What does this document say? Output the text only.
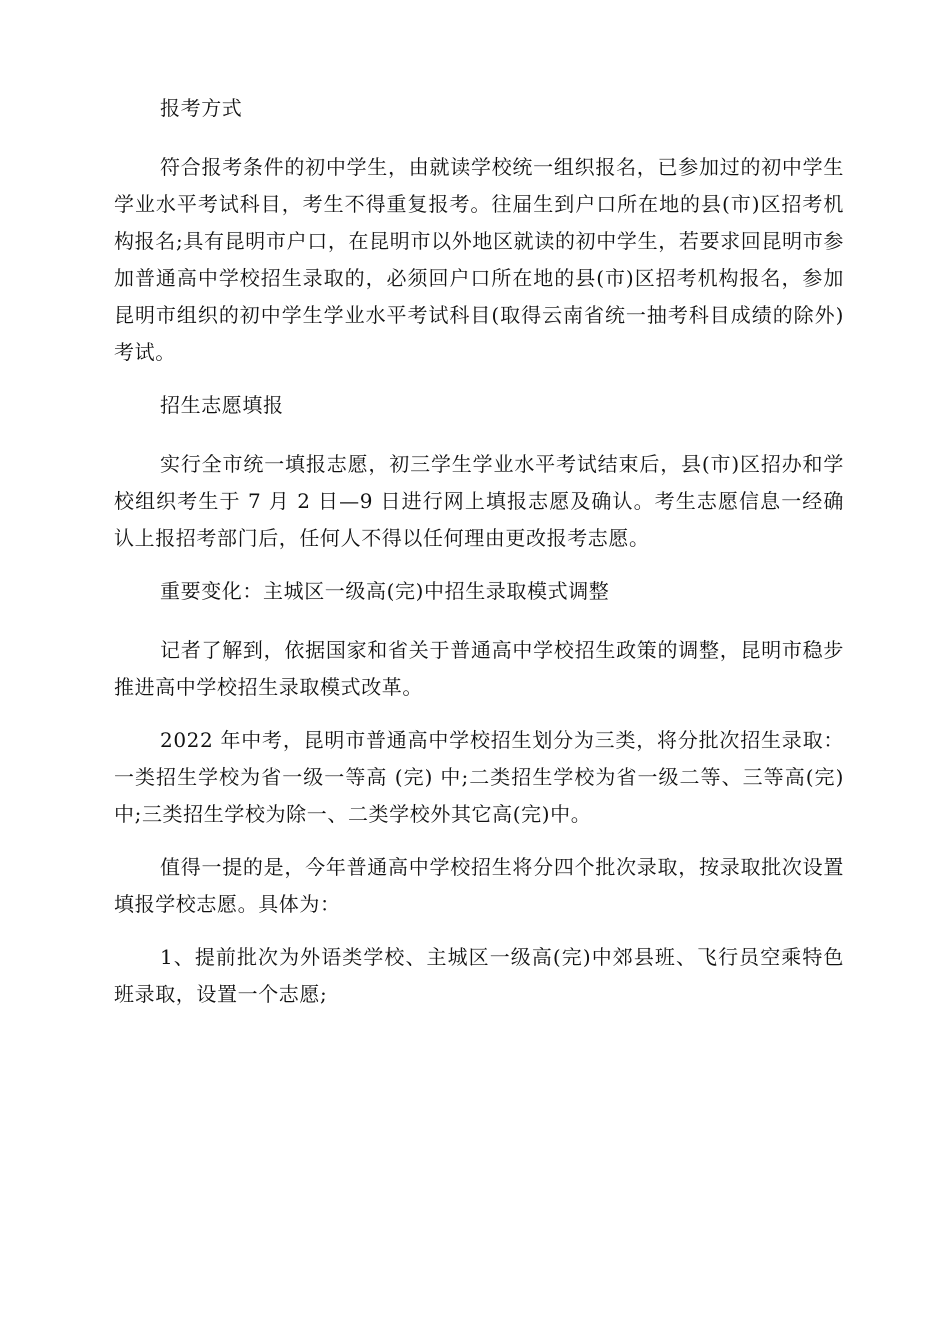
报考方式

符合报考条件的初中学生，由就读学校统一组织报名，已参加过的初中学生学业水平考试科目，考生不得重复报考。往届生到户口所在地的县(市)区招考机构报名;具有昆明市户口，在昆明市以外地区就读的初中学生，若要求回昆明市参加普通高中学校招生录取的，必须回户口所在地的县(市)区招考机构报名，参加昆明市组织的初中学生学业水平考试科目(取得云南省统一抽考科目成绩的除外)考试。

招生志愿填报

实行全市统一填报志愿，初三学生学业水平考试结束后，县(市)区招办和学校组织考生于 7 月 2 日—9 日进行网上填报志愿及确认。考生志愿信息一经确认上报招考部门后，任何人不得以任何理由更改报考志愿。

重要变化：主城区一级高(完)中招生录取模式调整

记者了解到，依据国家和省关于普通高中学校招生政策的调整，昆明市稳步推进高中学校招生录取模式改革。

2022 年中考，昆明市普通高中学校招生划分为三类，将分批次招生录取：一类招生学校为省一级一等高 (完) 中;二类招生学校为省一级二等、三等高(完)中;三类招生学校为除一、二类学校外其它高(完)中。

值得一提的是，今年普通高中学校招生将分四个批次录取，按录取批次设置填报学校志愿。具体为：

1、提前批次为外语类学校、主城区一级高(完)中郊县班、飞行员空乘特色班录取，设置一个志愿;
